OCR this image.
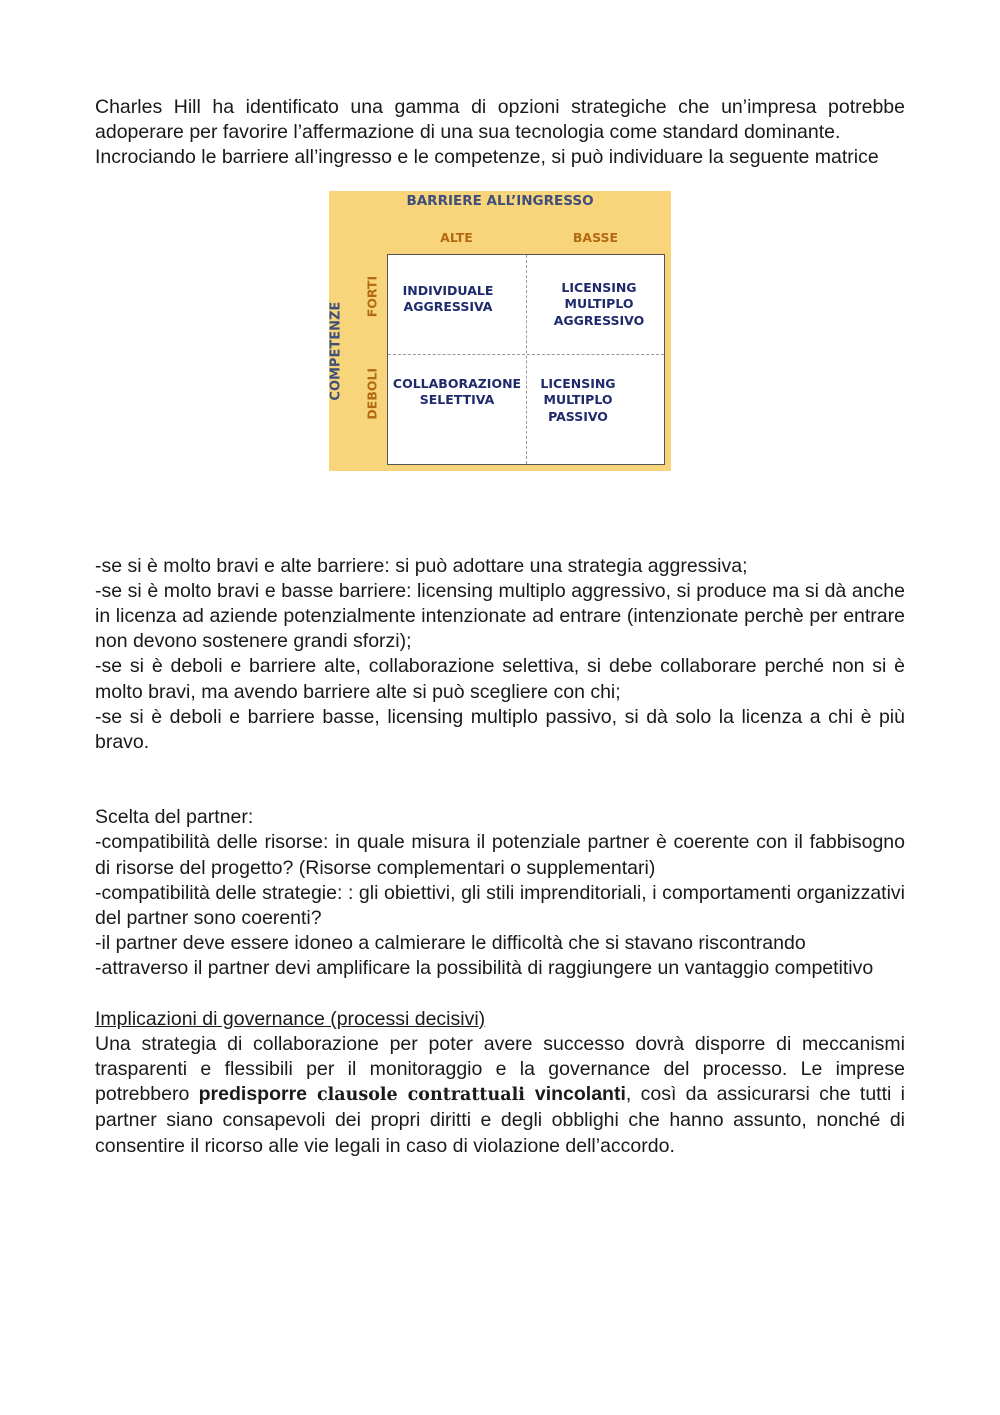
Charles Hill ha identificato una gamma di opzioni strategiche che un’impresa potrebbe adoperare per favorire l’affermazione di una sua tecnologia come standard dominante.

Incrociando le barriere all’ingresso e le competenze, si può individuare la seguente matrice

BARRIERE ALL’INGRESSO
ALTE	BASSE
COMPETENZE
FORTI
DEBOLI
INDIVIDUALE
AGGRESSIVA
LICENSING
MULTIPLO
AGGRESSIVO
COLLABORAZIONE
SELETTIVA
LICENSING
MULTIPLO
PASSIVO

-se si è molto bravi e alte barriere: si può adottare una strategia aggressiva;

-se si è molto bravi e basse barriere: licensing multiplo aggressivo, si produce ma si dà anche in licenza ad aziende potenzialmente intenzionate ad entrare (intenzionate perchè per entrare non devono sostenere grandi sforzi);

-se si è deboli e barriere alte, collaborazione selettiva, si debe collaborare perché non si è molto bravi, ma avendo barriere alte si può scegliere con chi;

-se si è deboli e barriere basse, licensing multiplo passivo, si dà solo la licenza a chi è più bravo.

Scelta del partner:

-compatibilità delle risorse: in quale misura il potenziale partner è coerente con il fabbisogno di risorse del progetto? (Risorse complementari o supplementari)

-compatibilità delle strategie: : gli obiettivi, gli stili imprenditoriali, i comportamenti organizzativi del partner sono coerenti?

-il partner deve essere idoneo a calmierare le difficoltà che si stavano riscontrando

-attraverso il partner devi amplificare la possibilità di raggiungere un vantaggio competitivo

Implicazioni di governance (processi decisivi)

Una strategia di collaborazione per poter avere successo dovrà disporre di meccanismi trasparenti e flessibili per il monitoraggio e la governance del processo. Le imprese potrebbero predisporre clausole contrattuali vincolanti, così da assicurarsi che tutti i partner siano consapevoli dei propri diritti e degli obblighi che hanno assunto, nonché di consentire il ricorso alle vie legali in caso di violazione dell’accordo.
